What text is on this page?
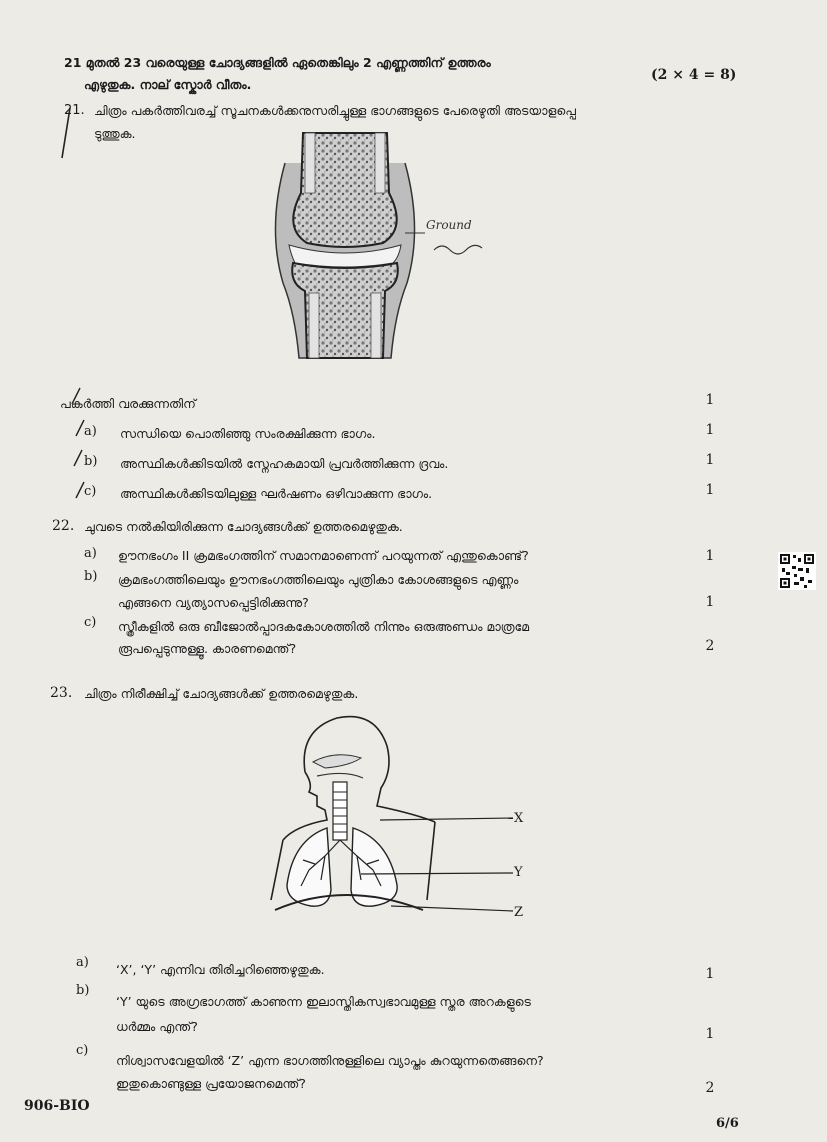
21 മുതൽ 23 വരെയുള്ള ചോദ്യങ്ങളിൽ ഏതെങ്കിലും 2 എണ്ണത്തിന് ഉത്തരം
എഴുതുക. നാല് സ്കോർ വീതം.
(2 × 4 = 8)
21. ചിത്രം പകർത്തിവരച്ച് സൂചനകൾക്കനുസരിച്ചുള്ള ഭാഗങ്ങളുടെ പേരെഴുതി അടയാളപ്പെ
ടുത്തുക.
Ground
പകർത്തി വരക്കുന്നതിന്	1
a) സന്ധിയെ പൊതിഞ്ഞു സംരക്ഷിക്കുന്ന ഭാഗം.	1
b) അസ്ഥികൾക്കിടയിൽ സ്നേഹകമായി പ്രവർത്തിക്കുന്ന ദ്രവം.	1
c) അസ്ഥികൾക്കിടയിലുള്ള ഘർഷണം ഒഴിവാക്കുന്ന ഭാഗം.	1
22. ചുവടെ നൽകിയിരിക്കുന്ന ചോദ്യങ്ങൾക്ക് ഉത്തരമെഴുതുക.
a) ഊനഭംഗം II ക്രമഭംഗത്തിന് സമാനമാണെന്ന് പറയുന്നത് എന്തുകൊണ്ട്?	1
b) ക്രമഭംഗത്തിലെയും ഊനഭംഗത്തിലെയും പുത്രികാ കോശങ്ങളുടെ എണ്ണം
എങ്ങനെ വ്യത്യാസപ്പെട്ടിരിക്കുന്നു?	1
c) സ്ത്രീകളിൽ ഒരു ബീജോൽപ്പാദകകോശത്തിൽ നിന്നും ഒരുഅണ്ഡം മാത്രമേ
രൂപപ്പെടുന്നുള്ളൂ. കാരണമെന്ത്?	2
23. ചിത്രം നിരീക്ഷിച്ച് ചോദ്യങ്ങൾക്ക് ഉത്തരമെഴുതുക.
X
Y
Z
a) ‘X’, ‘Y’ എന്നിവ തിരിച്ചറിഞ്ഞെഴുതുക.	1
b)
‘Y’ യുടെ അഗ്രഭാഗത്ത് കാണുന്ന ഇലാസ്തികസ്വഭാവമുള്ള സ്തര അറകളുടെ
ധർമ്മം എന്ത്?	1
c)
നിശ്വാസവേളയിൽ ‘Z’ എന്ന ഭാഗത്തിനുള്ളിലെ വ്യാപ്തം കുറയുന്നതെങ്ങനെ?
ഇതുകൊണ്ടുള്ള പ്രയോജനമെന്ത്?	2
906-BIO
6/6
